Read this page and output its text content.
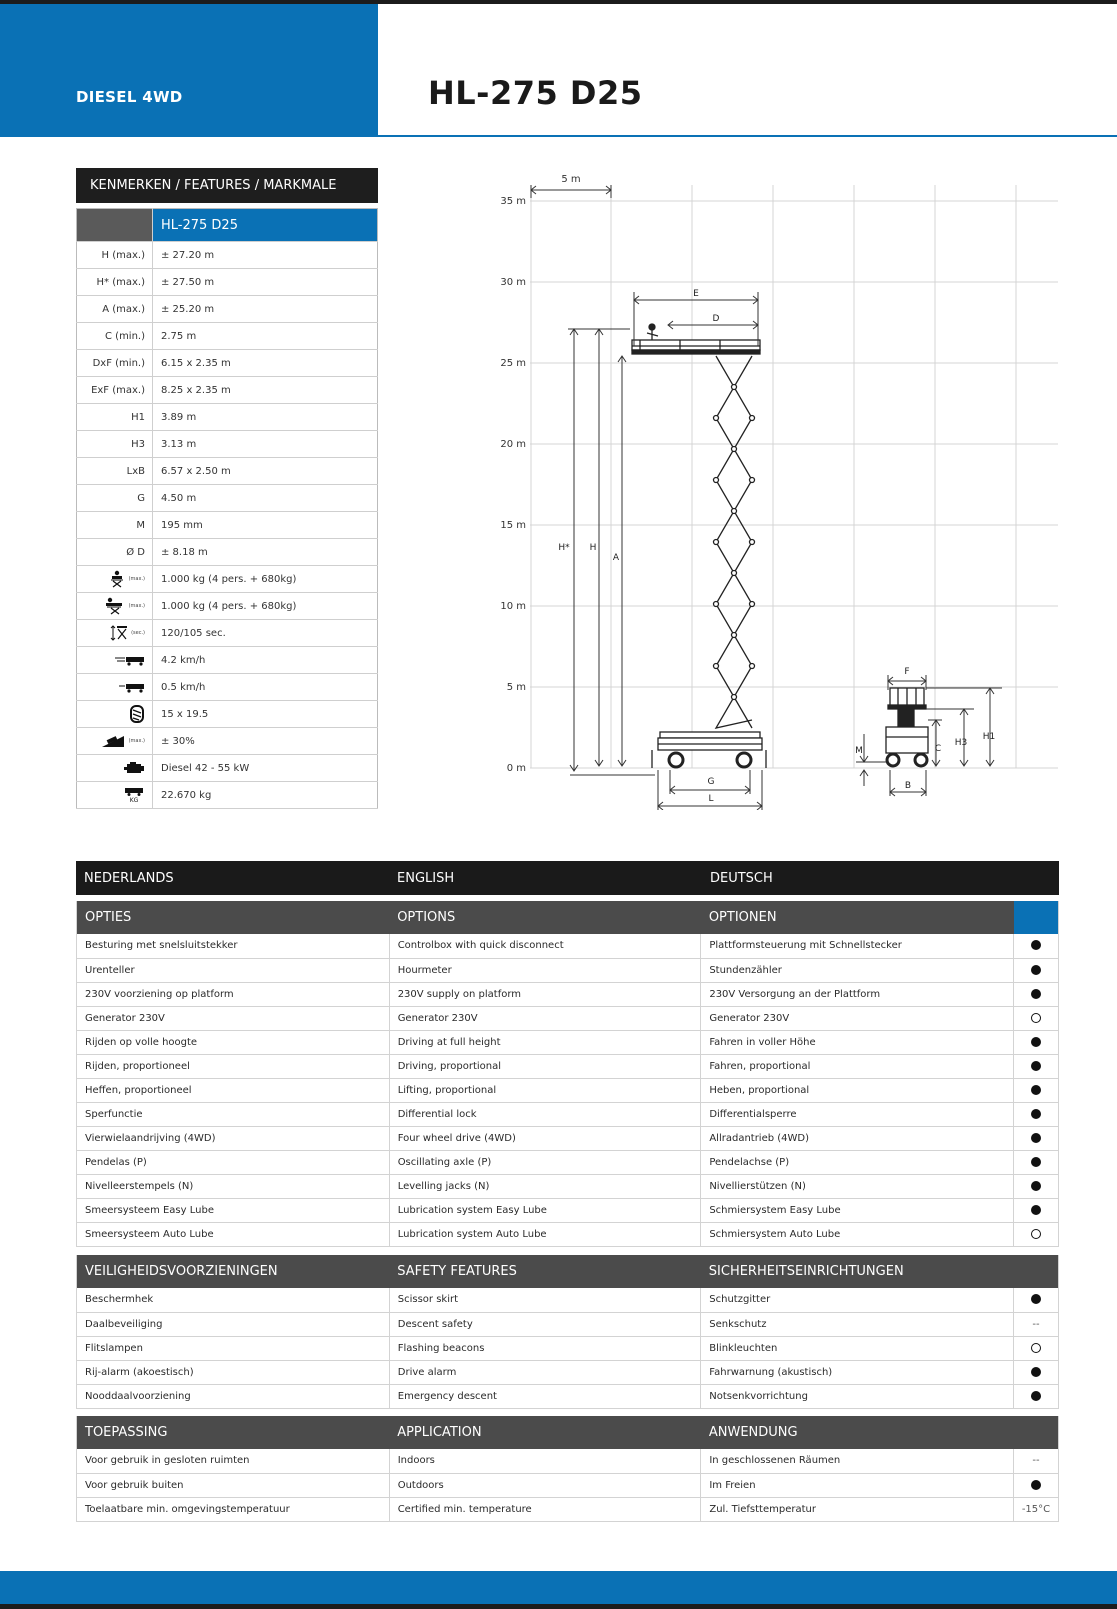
DIESEL 4WD	HL-275 D25
KENMERKEN / FEATURES / MARKMALE
	HL-275 D25
H (max.)	± 27.20 m
H* (max.)	± 27.50 m
A (max.)	± 25.20 m
C (min.)	2.75 m
DxF (min.)	6.15 x 2.35 m
ExF (max.)	8.25 x 2.35 m
H1	3.89 m
H3	3.13 m
LxB	6.57 x 2.50 m
G	4.50 m
M	195 mm
Ø D	± 8.18 m
(max.)	1.000 kg (4 pers. + 680kg)
(max.)	1.000 kg (4 pers. + 680kg)
(sec.)	120/105 sec.
	4.2 km/h
	0.5 km/h
	15 x 19.5
(max.)	± 30%
	Diesel 42 - 55 kW

KG	22.670 kg
35 m
30 m
25 m
20 m
15 m
10 m
5 m
0 m
5 m
E
D
H* H
A
G
L
F
B
M	C
H3
H1
NEDERLANDS	ENGLISH	DEUTSCH
OPTIES	OPTIONS	OPTIONEN	
Besturing met snelsluitstekker	Controlbox with quick disconnect	Plattformsteuerung mit Schnellstecker	
Urenteller	Hourmeter	Stundenzähler	
230V voorziening op platform	230V supply on platform	230V Versorgung an der Plattform	
Generator 230V	Generator 230V	Generator 230V	
Rijden op volle hoogte	Driving at full height	Fahren in voller Höhe	
Rijden, proportioneel	Driving, proportional	Fahren, proportional	
Heffen, proportioneel	Lifting, proportional	Heben, proportional	
Sperfunctie	Differential lock	Differentialsperre	
Vierwielaandrijving (4WD)	Four wheel drive (4WD)	Allradantrieb (4WD)	
Pendelas (P)	Oscillating axle (P)	Pendelachse (P)	
Nivelleerstempels (N)	Levelling jacks (N)	Nivellierstützen (N)	
Smeersysteem Easy Lube	Lubrication system Easy Lube	Schmiersystem Easy Lube	
Smeersysteem Auto Lube	Lubrication system Auto Lube	Schmiersystem Auto Lube	
VEILIGHEIDSVOORZIENINGEN	SAFETY FEATURES	SICHERHEITSEINRICHTUNGEN	
Beschermhek	Scissor skirt	Schutzgitter	
Daalbeveiliging	Descent safety	Senkschutz	--
Flitslampen	Flashing beacons	Blinkleuchten	
Rij-alarm (akoestisch)	Drive alarm	Fahrwarnung (akustisch)	
Nooddaalvoorziening	Emergency descent	Notsenkvorrichtung	
TOEPASSING	APPLICATION	ANWENDUNG	
Voor gebruik in gesloten ruimten	Indoors	In geschlossenen Räumen	--
Voor gebruik buiten	Outdoors	Im Freien	
Toelaatbare min. omgevingstemperatuur	Certified min. temperature	Zul. Tiefsttemperatur	-15°C
